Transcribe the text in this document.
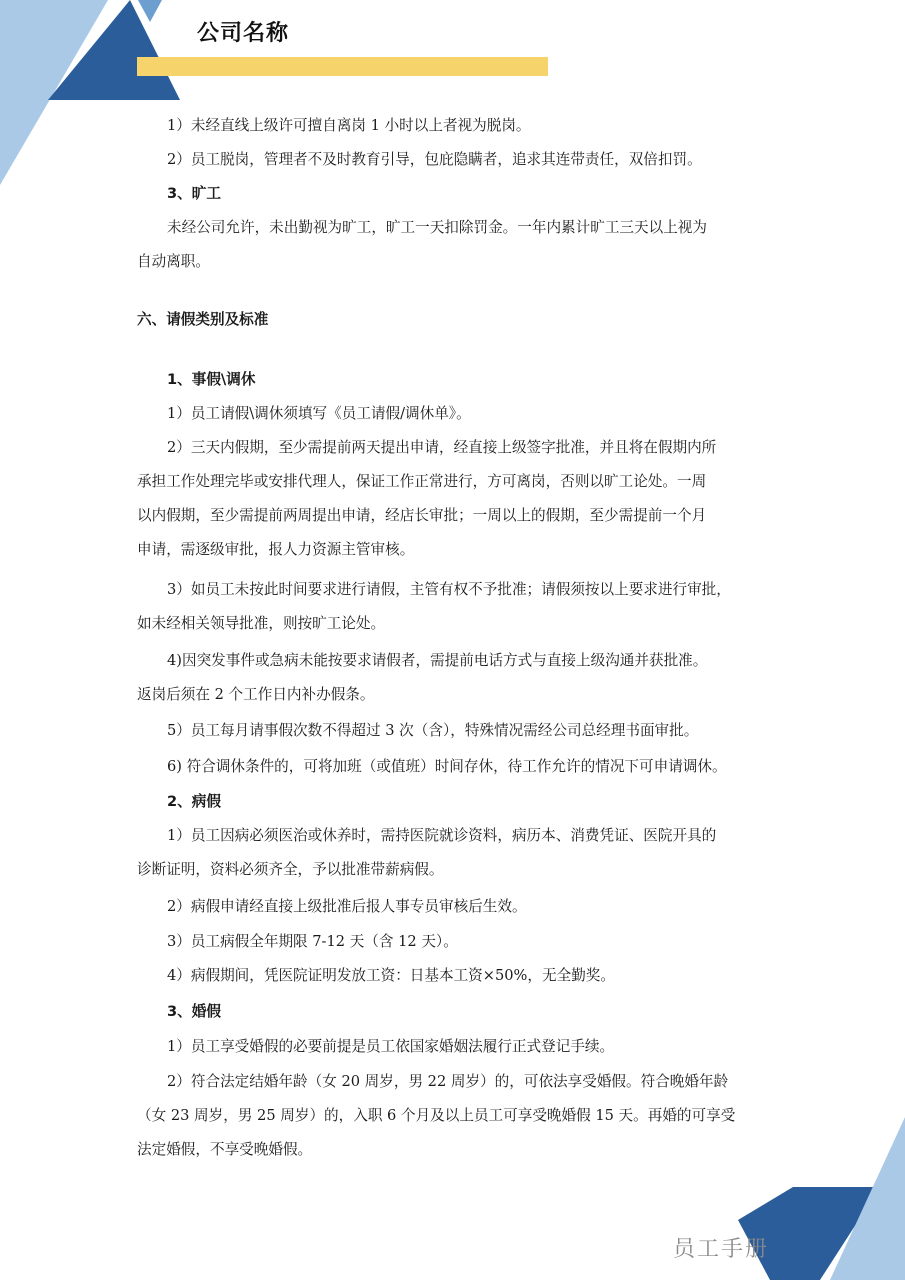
公司名称
1）未经直线上级许可擅自离岗 1 小时以上者视为脱岗。
2）员工脱岗，管理者不及时教育引导，包庇隐瞒者，追求其连带责任，双倍扣罚。
3、旷工
未经公司允许，未出勤视为旷工，旷工一天扣除罚金。一年内累计旷工三天以上视为
自动离职。
六、请假类别及标准
1、事假\调休
1）员工请假\调休须填写《员工请假/调休单》。
2）三天内假期，至少需提前两天提出申请，经直接上级签字批准，并且将在假期内所
承担工作处理完毕或安排代理人，保证工作正常进行，方可离岗，否则以旷工论处。一周
以内假期，至少需提前两周提出申请，经店长审批；一周以上的假期，至少需提前一个月
申请，需逐级审批，报人力资源主管审核。
3）如员工未按此时间要求进行请假，主管有权不予批准；请假须按以上要求进行审批，
如未经相关领导批准，则按旷工论处。
4)因突发事件或急病未能按要求请假者，需提前电话方式与直接上级沟通并获批准。
返岗后须在 2 个工作日内补办假条。
5）员工每月请事假次数不得超过 3 次（含），特殊情况需经公司总经理书面审批。
6) 符合调休条件的，可将加班（或值班）时间存休，待工作允许的情况下可申请调休。
2、病假
1）员工因病必须医治或休养时，需持医院就诊资料，病历本、消费凭证、医院开具的
诊断证明，资料必须齐全，予以批准带薪病假。
2）病假申请经直接上级批准后报人事专员审核后生效。
3）员工病假全年期限 7-12 天（含 12 天）。
4）病假期间，凭医院证明发放工资：日基本工资×50%，无全勤奖。
3、婚假
1）员工享受婚假的必要前提是员工依国家婚姻法履行正式登记手续。
2）符合法定结婚年龄（女 20 周岁，男 22 周岁）的，可依法享受婚假。符合晚婚年龄
（女 23 周岁，男 25 周岁）的，入职 6 个月及以上员工可享受晚婚假 15 天。再婚的可享受
法定婚假，不享受晚婚假。
员工手册
